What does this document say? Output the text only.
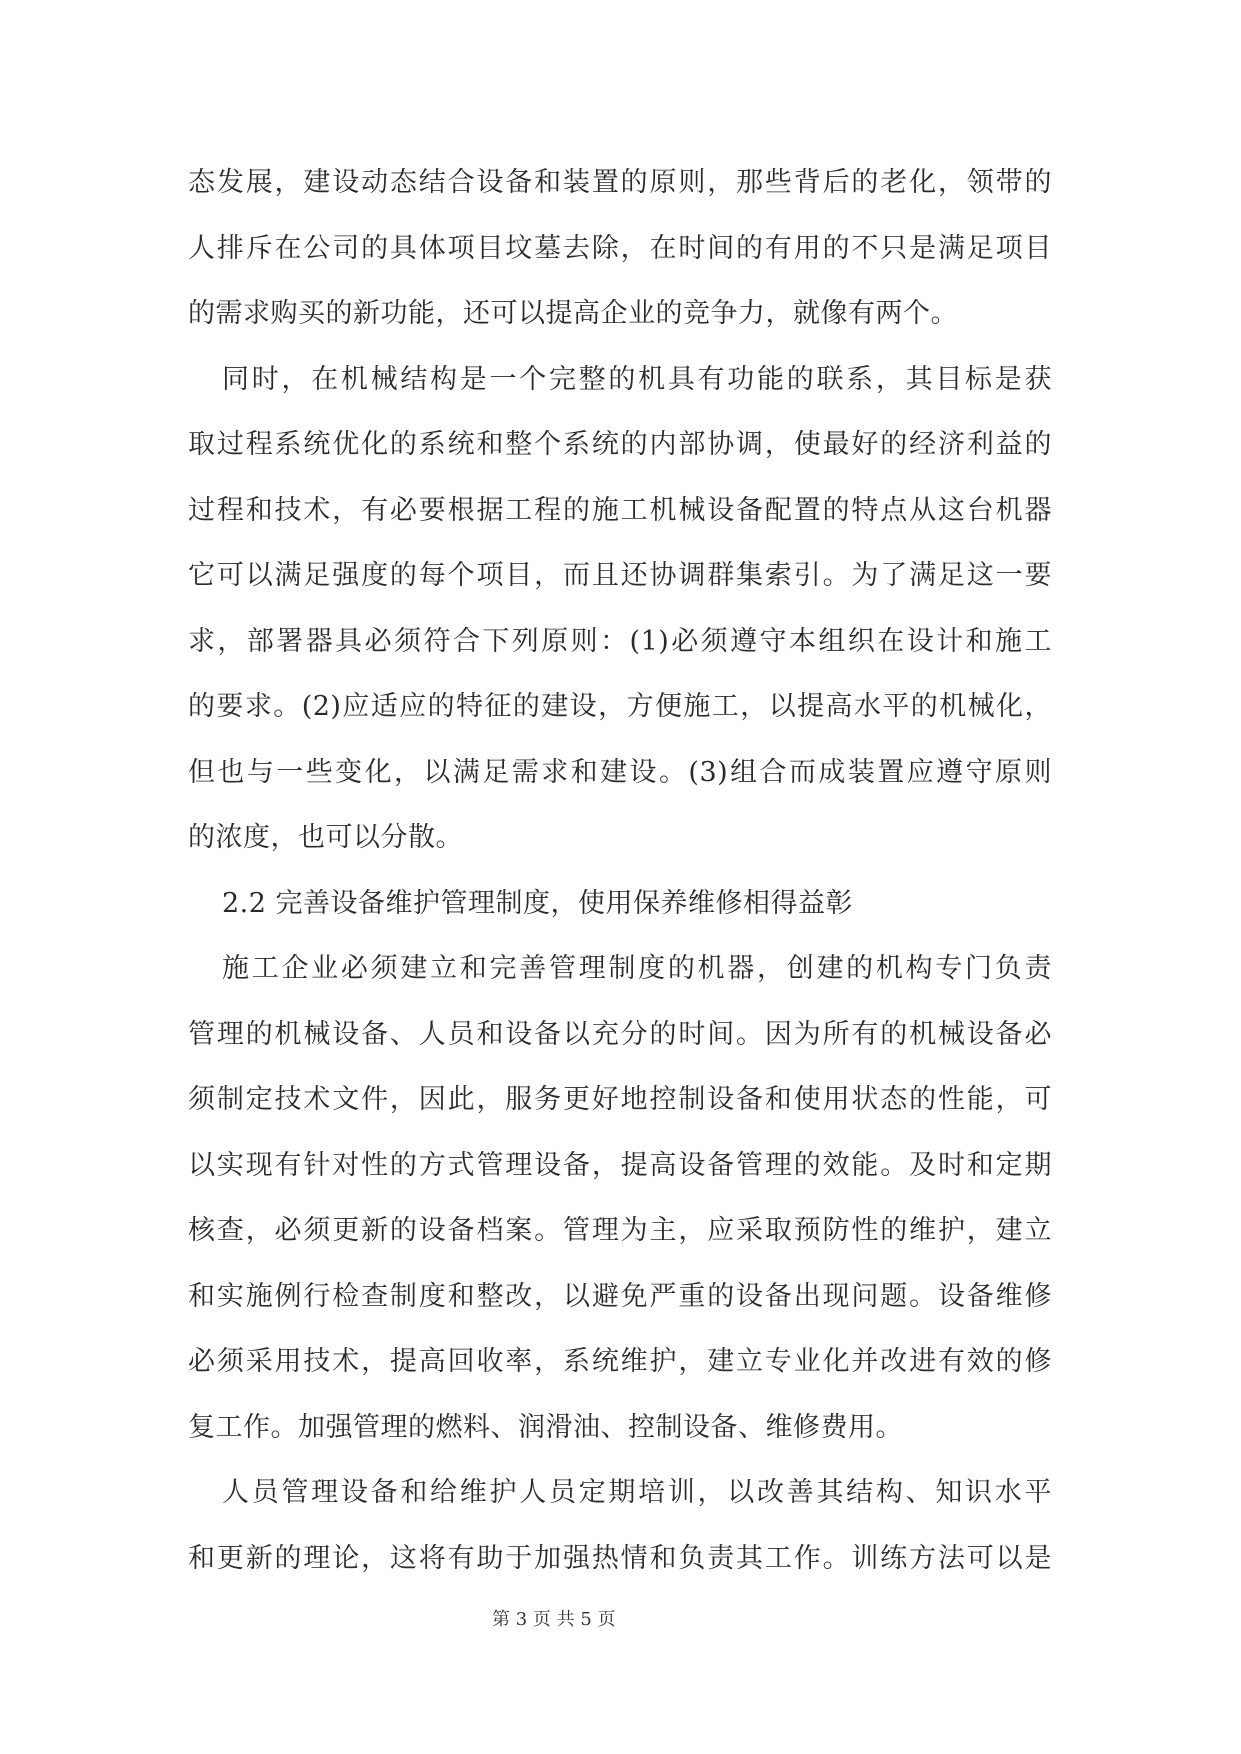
态发展，建设动态结合设备和装置的原则，那些背后的老化，领带的
人排斥在公司的具体项目坟墓去除，在时间的有用的不只是满足项目
的需求购买的新功能，还可以提高企业的竞争力，就像有两个。
同时，在机械结构是一个完整的机具有功能的联系，其目标是获
取过程系统优化的系统和整个系统的内部协调，使最好的经济利益的
过程和技术，有必要根据工程的施工机械设备配置的特点从这台机器
它可以满足强度的每个项目，而且还协调群集索引。为了满足这一要
求，部署器具必须符合下列原则：(1)必须遵守本组织在设计和施工
的要求。(2)应适应的特征的建设，方便施工，以提高水平的机械化，
但也与一些变化，以满足需求和建设。(3)组合而成装置应遵守原则
的浓度，也可以分散。
2.2 完善设备维护管理制度，使用保养维修相得益彰
施工企业必须建立和完善管理制度的机器，创建的机构专门负责
管理的机械设备、人员和设备以充分的时间。因为所有的机械设备必
须制定技术文件，因此，服务更好地控制设备和使用状态的性能，可
以实现有针对性的方式管理设备，提高设备管理的效能。及时和定期
核查，必须更新的设备档案。管理为主，应采取预防性的维护，建立
和实施例行检查制度和整改，以避免严重的设备出现问题。设备维修
必须采用技术，提高回收率，系统维护，建立专业化并改进有效的修
复工作。加强管理的燃料、润滑油、控制设备、维修费用。
人员管理设备和给维护人员定期培训，以改善其结构、知识水平
和更新的理论，这将有助于加强热情和负责其工作。训练方法可以是
第 3 页 共 5 页
